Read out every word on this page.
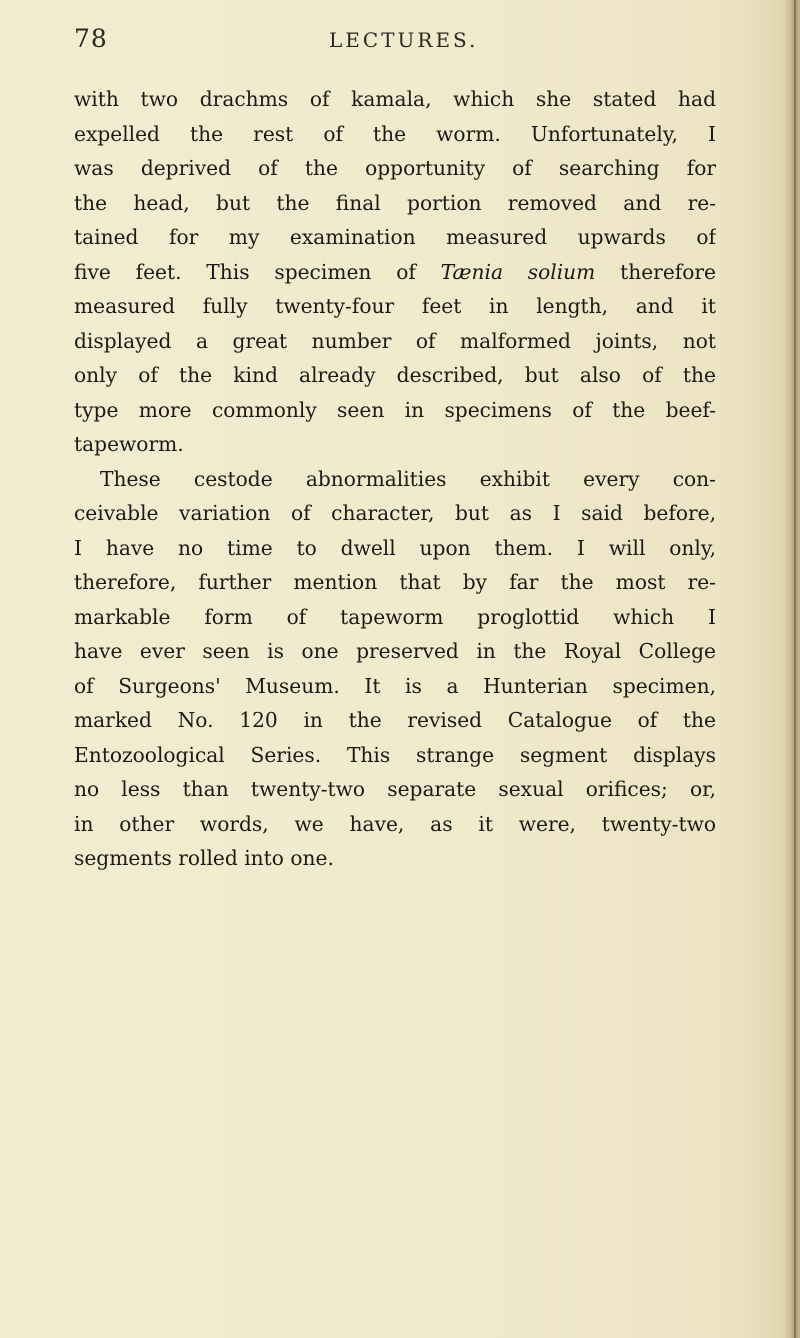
78	LECTURES.
with two drachms of kamala, which she stated had
expelled the rest of the worm. Unfortunately, I
was deprived of the opportunity of searching for
the head, but the final portion removed and re-
tained for my examination measured upwards of
five feet. This specimen of Tænia solium therefore
measured fully twenty-four feet in length, and it
displayed a great number of malformed joints, not
only of the kind already described, but also of the
type more commonly seen in specimens of the beef-
tapeworm.
These cestode abnormalities exhibit every con-
ceivable variation of character, but as I said before,
I have no time to dwell upon them. I will only,
therefore, further mention that by far the most re-
markable form of tapeworm proglottid which I
have ever seen is one preserved in the Royal College
of Surgeons' Museum. It is a Hunterian specimen,
marked No. 120 in the revised Catalogue of the
Entozoological Series. This strange segment displays
no less than twenty-two separate sexual orifices; or,
in other words, we have, as it were, twenty-two
segments rolled into one.
